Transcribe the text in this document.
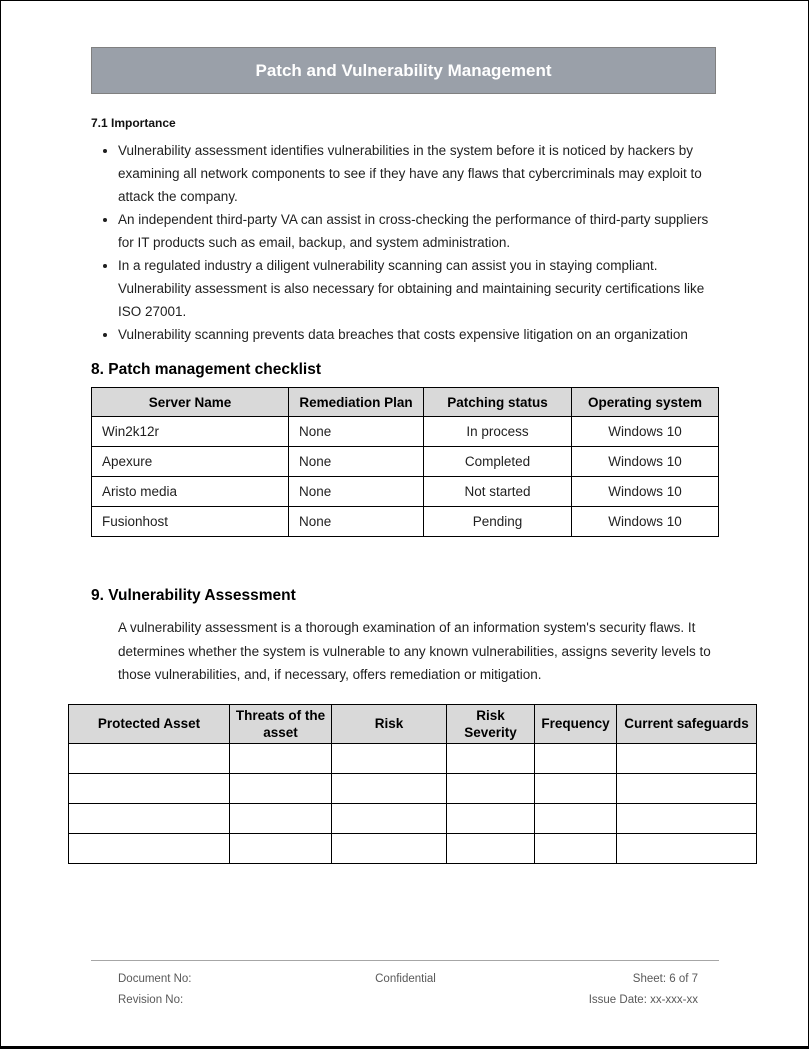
Patch and Vulnerability Management
7.1 Importance
• Vulnerability assessment identifies vulnerabilities in the system before it is noticed by hackers by examining all network components to see if they have any flaws that cybercriminals may exploit to attack the company.
• An independent third-party VA can assist in cross-checking the performance of third-party suppliers for IT products such as email, backup, and system administration.
• In a regulated industry a diligent vulnerability scanning can assist you in staying compliant. Vulnerability assessment is also necessary for obtaining and maintaining security certifications like ISO 27001.
• Vulnerability scanning prevents data breaches that costs expensive litigation on an organization
8. Patch management checklist
Server Name	Remediation Plan	Patching status	Operating system
Win2k12r	None	In process	Windows 10
Apexure	None	Completed	Windows 10
Aristo media	None	Not started	Windows 10
Fusionhost	None	Pending	Windows 10
9. Vulnerability Assessment
A vulnerability assessment is a thorough examination of an information system's security flaws. It determines whether the system is vulnerable to any known vulnerabilities, assigns severity levels to those vulnerabilities, and, if necessary, offers remediation or mitigation.
Protected Asset	Threats of the asset	Risk	Risk Severity	Frequency	Current safeguards

Document No:
Revision No:
Confidential	Sheet: 6 of 7
Issue Date: xx-xxx-xx
